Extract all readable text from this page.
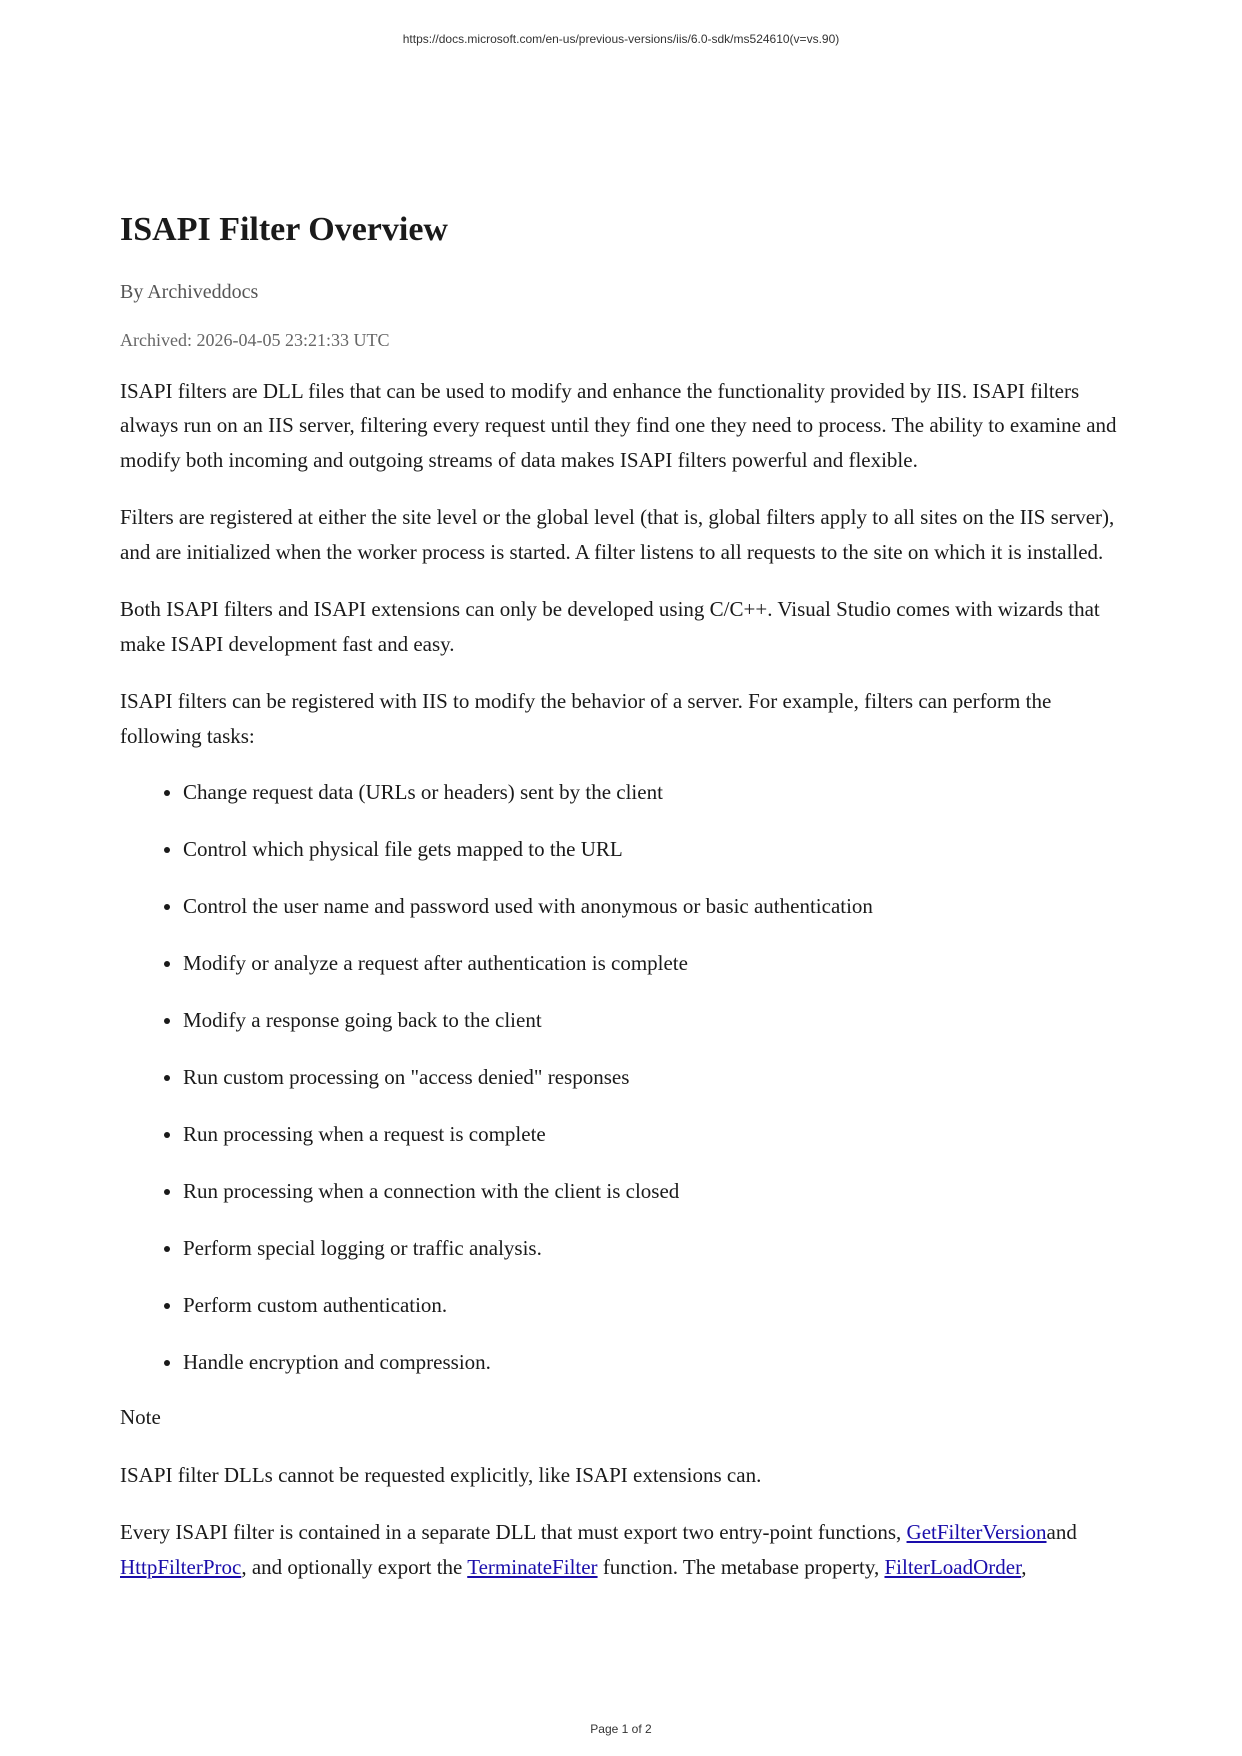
https://docs.microsoft.com/en-us/previous-versions/iis/6.0-sdk/ms524610(v=vs.90)
ISAPI Filter Overview
By Archiveddocs
Archived: 2026-04-05 23:21:33 UTC

ISAPI filters are DLL files that can be used to modify and enhance the functionality provided by IIS. ISAPI filters always run on an IIS server, filtering every request until they find one they need to process. The ability to examine and modify both incoming and outgoing streams of data makes ISAPI filters powerful and flexible.

Filters are registered at either the site level or the global level (that is, global filters apply to all sites on the IIS server), and are initialized when the worker process is started. A filter listens to all requests to the site on which it is installed.

Both ISAPI filters and ISAPI extensions can only be developed using C/C++. Visual Studio comes with wizards that make ISAPI development fast and easy.

ISAPI filters can be registered with IIS to modify the behavior of a server. For example, filters can perform the following tasks:

Change request data (URLs or headers) sent by the client
Control which physical file gets mapped to the URL
Control the user name and password used with anonymous or basic authentication
Modify or analyze a request after authentication is complete
Modify a response going back to the client
Run custom processing on "access denied" responses
Run processing when a request is complete
Run processing when a connection with the client is closed
Perform special logging or traffic analysis.
Perform custom authentication.
Handle encryption and compression.

Note

ISAPI filter DLLs cannot be requested explicitly, like ISAPI extensions can.

Every ISAPI filter is contained in a separate DLL that must export two entry-point functions, GetFilterVersionand HttpFilterProc, and optionally export the TerminateFilter function. The metabase property, FilterLoadOrder,

Page 1 of 2
